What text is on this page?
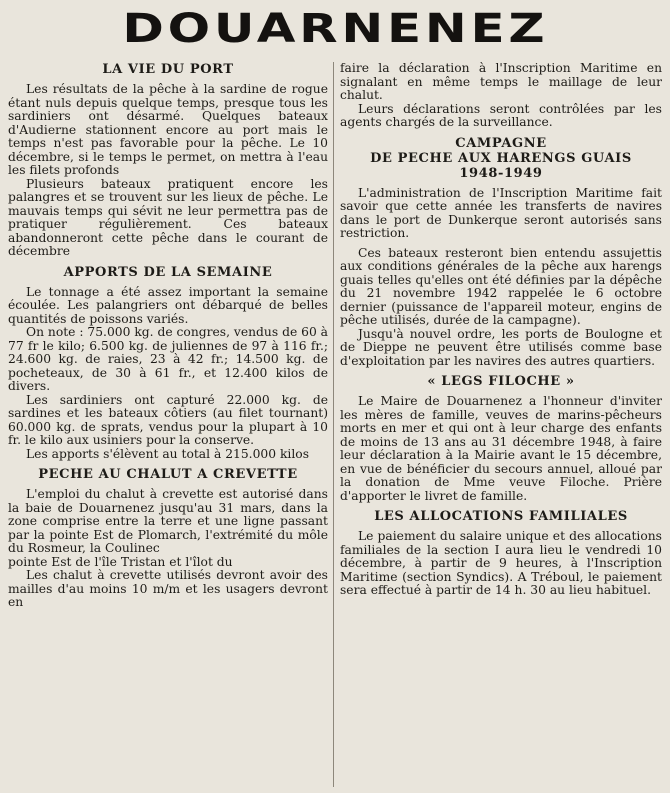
DOUARNENEZ

LA VIE DU PORT

Les résultats de la pêche à la sardine de rogue étant nuls depuis quelque temps, presque tous les sardiniers ont désarmé. Quelques bateaux d'Audierne stationnent encore au port mais le temps n'est pas favorable pour la pêche. Le 10 décembre, si le temps le permet, on mettra à l'eau les filets profonds

Plusieurs bateaux pratiquent encore les palangres et se trouvent sur les lieux de pêche. Le mauvais temps qui sévit ne leur permettra pas de pratiquer régulièrement. Ces bateaux abandonneront cette pêche dans le courant de décembre

APPORTS DE LA SEMAINE

Le tonnage a été assez important la semaine écoulée. Les palangriers ont débarqué de belles quantités de poissons variés.

On note : 75.000 kg. de congres, vendus de 60 à 77 fr le kilo; 6.500 kg. de juliennes de 97 à 116 fr.; 24.600 kg. de raies, 23 à 42 fr.; 14.500 kg. de pocheteaux, de 30 à 61 fr., et 12.400 kilos de divers.

Les sardiniers ont capturé 22.000 kg. de sardines et les bateaux côtiers (au filet tournant) 60.000 kg. de sprats, vendus pour la plupart à 10 fr. le kilo aux usiniers pour la conserve.

Les apports s'élèvent au total à 215.000 kilos

PECHE AU CHALUT A CREVETTE

L'emploi du chalut à crevette est autorisé dans la baie de Douarnenez jusqu'au 31 mars, dans la zone comprise entre la terre et une ligne passant par la pointe Est de Plomarch, l'extrémité du môle du Rosmeur, la Coulinec

pointe Est de l'île Tristan et l'îlot du

Les chalut à crevette utilisés devront avoir des mailles d'au moins 10 m/m et les usagers devront en

faire la déclaration à l'Inscription Maritime en signalant en même temps le maillage de leur chalut.

Leurs déclarations seront contrôlées par les agents chargés de la surveillance.

CAMPAGNE

DE PECHE AUX HARENGS GUAIS

1948-1949

L'administration de l'Inscription Maritime fait savoir que cette année les transferts de navires dans le port de Dunkerque seront autorisés sans restriction.

Ces bateaux resteront bien entendu assujettis aux conditions générales de la pêche aux harengs guais telles qu'elles ont été définies par la dépêche du 21 novembre 1942 rappelée le 6 octobre dernier (puissance de l'appareil moteur, engins de pêche utilisés, durée de la campagne).

Jusqu'à nouvel ordre, les ports de Boulogne et de Dieppe ne peuvent être utilisés comme base d'exploitation par les navires des autres quartiers.

« LEGS FILOCHE »

Le Maire de Douarnenez a l'honneur d'inviter les mères de famille, veuves de marins-pêcheurs morts en mer et qui ont à leur charge des enfants de moins de 13 ans au 31 décembre 1948, à faire leur déclaration à la Mairie avant le 15 décembre, en vue de bénéficier du secours annuel, alloué par la donation de Mme veuve Filoche. Prière d'apporter le livret de famille.

LES ALLOCATIONS FAMILIALES

Le paiement du salaire unique et des allocations familiales de la section I aura lieu le vendredi 10 décembre, à partir de 9 heures, à l'Inscription Maritime (section Syndics). A Tréboul, le paiement sera effectué à partir de 14 h. 30 au lieu habituel.
